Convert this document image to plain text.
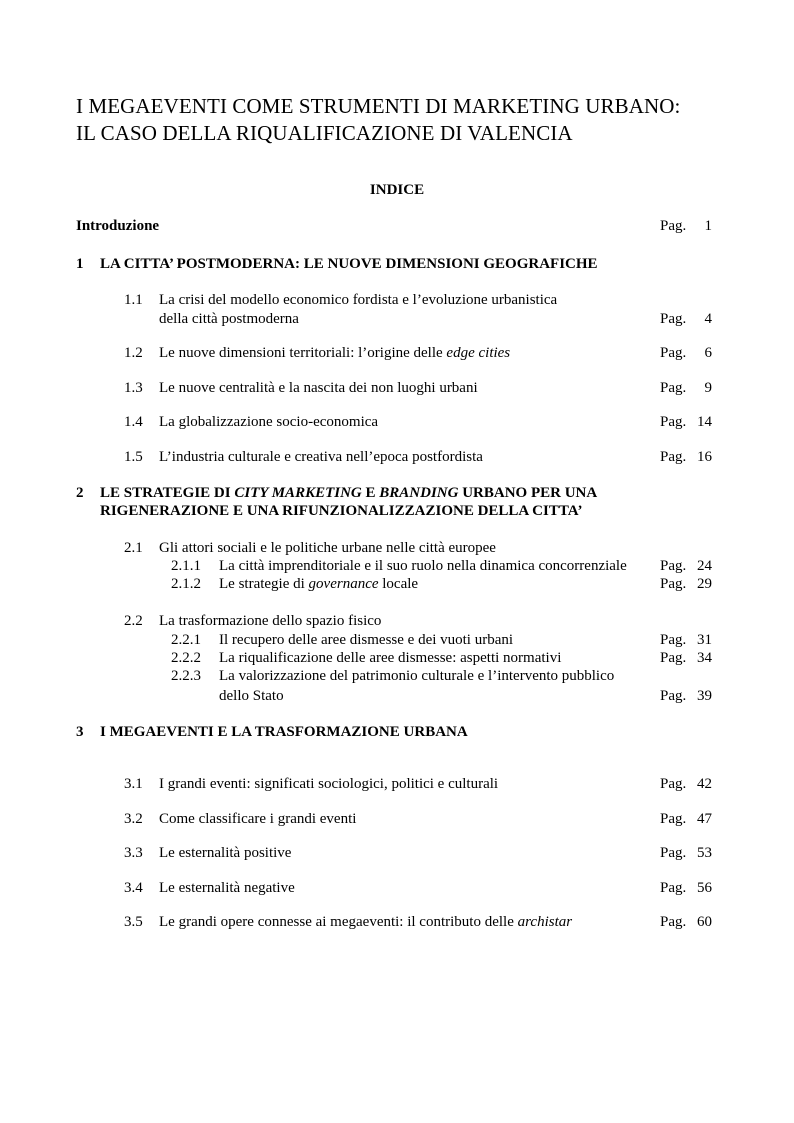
I MEGAEVENTI COME STRUMENTI DI MARKETING URBANO:
IL CASO DELLA RIQUALIFICAZIONE DI VALENCIA
INDICE
Introduzione	Pag.	1
1 LA CITTA’ POSTMODERNA: LE NUOVE DIMENSIONI GEOGRAFICHE
1.1 La crisi del modello economico fordista e l’evoluzione urbanistica
della città postmoderna	Pag.	4
1.2 Le nuove dimensioni territoriali: l’origine delle edge cities	Pag.	6
1.3 Le nuove centralità e la nascita dei non luoghi urbani	Pag.	9
1.4 La globalizzazione socio-economica	Pag. 14
1.5 L’industria culturale e creativa nell’epoca postfordista	Pag. 16
2 LE STRATEGIE DI CITY MARKETING E BRANDING URBANO PER UNA
RIGENERAZIONE E UNA RIFUNZIONALIZZAZIONE DELLA CITTA’
2.1 Gli attori sociali e le politiche urbane nelle città europee
2.1.1 La città imprenditoriale e il suo ruolo nella dinamica concorrenziale Pag. 24
2.1.2 Le strategie di governance locale	Pag. 29
2.2 La trasformazione dello spazio fisico
2.2.1 Il recupero delle aree dismesse e dei vuoti urbani	Pag. 31
2.2.2 La riqualificazione delle aree dismesse: aspetti normativi	Pag. 34
2.2.3 La valorizzazione del patrimonio culturale e l’intervento pubblico
dello Stato	Pag. 39
3 I MEGAEVENTI E LA TRASFORMAZIONE URBANA
3.1 I grandi eventi: significati sociologici, politici e culturali	Pag. 42
3.2 Come classificare i grandi eventi	Pag. 47
3.3 Le esternalità positive	Pag. 53
3.4 Le esternalità negative	Pag. 56
3.5 Le grandi opere connesse ai megaeventi: il contributo delle archistar	Pag. 60
